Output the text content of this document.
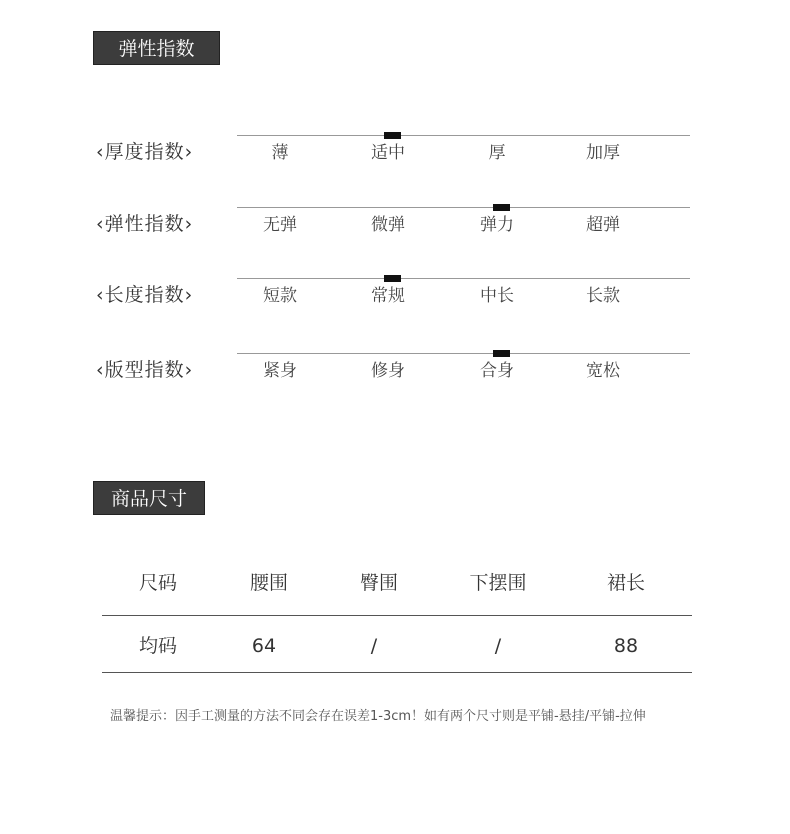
弹性指数
‹厚度指数›	薄	适中	厚	加厚
‹弹性指数›	无弹	微弹	弹力	超弹
‹长度指数›	短款	常规	中长	长款
‹版型指数›	紧身	修身	合身	宽松
商品尺寸
尺码	腰围	臀围	下摆围	裙长
均码	64	/	/	88
温馨提示：因手工测量的方法不同会存在误差1-3cm！如有两个尺寸则是平铺-悬挂/平铺-拉伸
